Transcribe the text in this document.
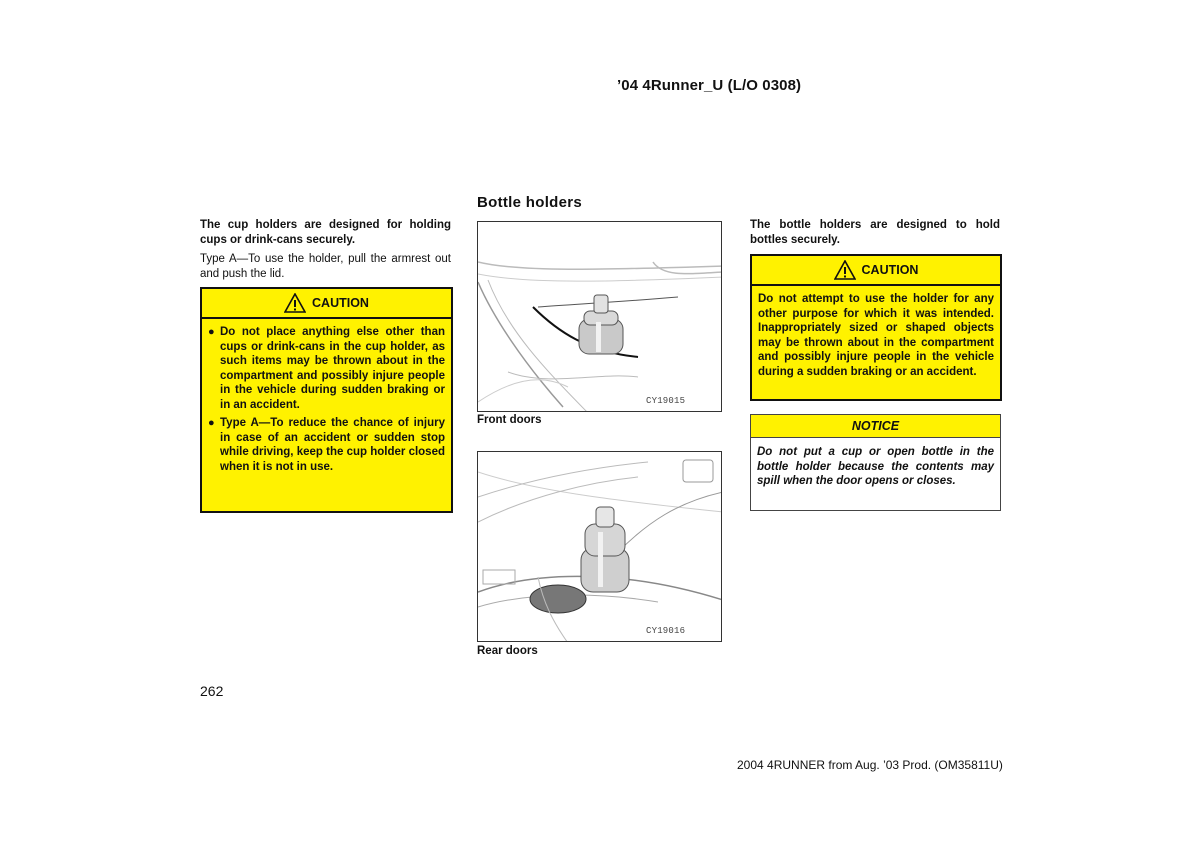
’04 4Runner_U (L/O 0308)
The cup holders are designed for holding cups or drink-cans securely.
Type A—To use the holder, pull the armrest out and push the lid.
CAUTION
● Do not place anything else other than cups or drink-cans in the cup holder, as such items may be thrown about in the compartment and possibly injure people in the vehicle during sudden braking or in an accident.
● Type A—To reduce the chance of injury in case of an accident or sudden stop while driving, keep the cup holder closed when it is not in use.
Bottle holders
CY19015
Front doors
CY19016
Rear doors
The bottle holders are designed to hold bottles securely.
CAUTION
Do not attempt to use the holder for any other purpose for which it was intended. Inappropriately sized or shaped objects may be thrown about in the compartment and possibly injure people in the vehicle during a sudden braking or an accident.
NOTICE
Do not put a cup or open bottle in the bottle holder because the contents may spill when the door opens or closes.
262
2004 4RUNNER from Aug. ’03 Prod. (OM35811U)
